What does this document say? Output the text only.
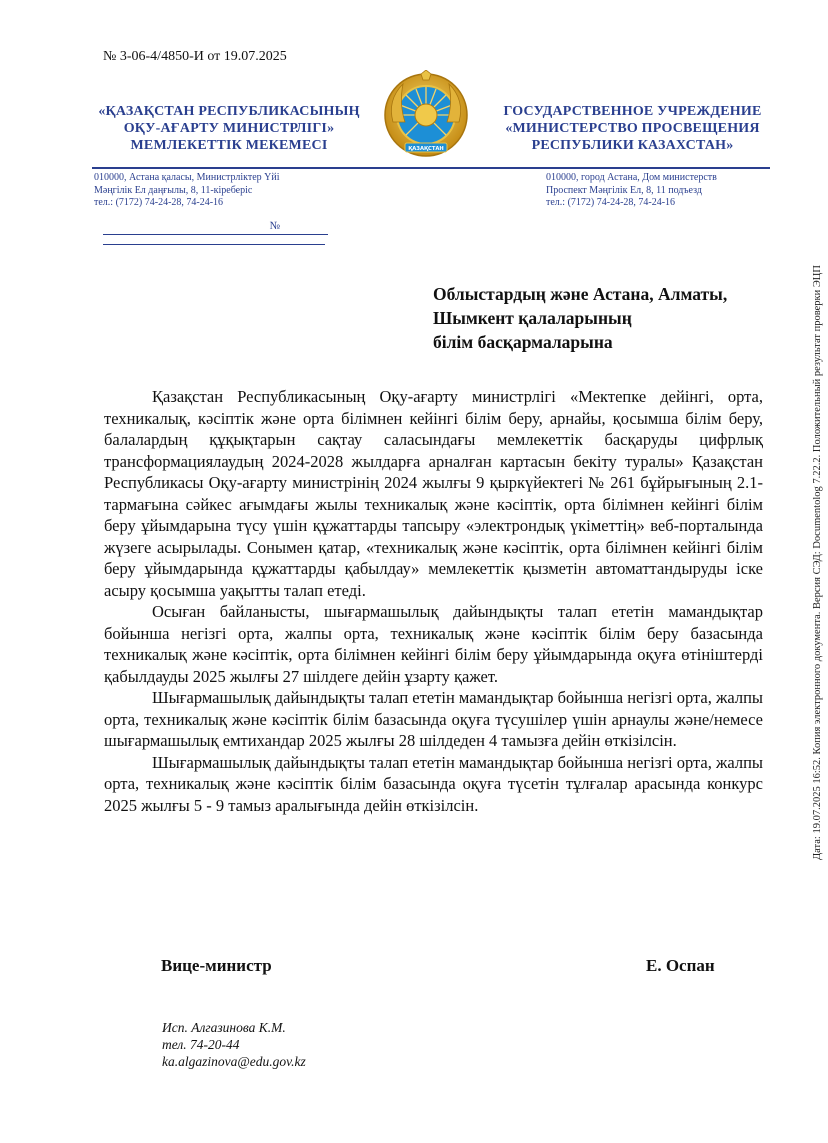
№ 3-06-4/4850-И от 19.07.2025
«ҚАЗАҚСТАН РЕСПУБЛИКАСЫНЫҢ
ОҚУ-АҒАРТУ МИНИСТРЛІГІ»
МЕМЛЕКЕТТІК МЕКЕМЕСІ	ҚАЗАҚСТАН
ГОСУДАРСТВЕННОЕ УЧРЕЖДЕНИЕ
«МИНИСТЕРСТВО ПРОСВЕЩЕНИЯ
РЕСПУБЛИКИ КАЗАХСТАН»
010000, Астана қаласы, Министрліктер Үйі
Мәңгілік Ел даңғылы, 8, 11-кіреберіс
тел.: (7172) 74-24-28, 74-24-16
010000, город Астана, Дом министерств
Проспект Мәңгілік Ел, 8, 11 подъезд
тел.: (7172) 74-24-28, 74-24-16
№
Облыстардың және Астана, Алматы,
Шымкент қалаларының
білім басқармаларына

Қазақстан Республикасының Оқу-ағарту министрлігі «Мектепке дейінгі, орта, техникалық, кәсіптік және орта білімнен кейінгі білім беру, арнайы, қосымша білім беру, балалардың құқықтарын сақтау саласындағы мемлекеттік басқаруды цифрлық трансформациялаудың 2024-2028 жылдарға арналған картасын бекіту туралы» Қазақстан Республикасы Оқу-ағарту министрінің 2024 жылғы 9 қыркүйектегі № 261 бұйрығының 2.1-тармағына сәйкес ағымдағы жылы техникалық және кәсіптік, орта білімнен кейінгі білім беру ұйымдарына түсу үшін құжаттарды тапсыру «электрондық үкіметтің» веб-порталында жүзеге асырылады. Сонымен қатар, «техникалық және кәсіптік, орта білімнен кейінгі білім беру ұйымдарында құжаттарды қабылдау» мемлекеттік қызметін автоматтандыруды іске асыру қосымша уақытты талап етеді.

Осыған байланысты, шығармашылық дайындықты талап ететін мамандықтар бойынша негізгі орта, жалпы орта, техникалық және кәсіптік білім беру базасында техникалық және кәсіптік, орта білімнен кейінгі білім беру ұйымдарында оқуға өтініштерді қабылдауды 2025 жылғы 27 шілдеге дейін ұзарту қажет.

Шығармашылық дайындықты талап ететін мамандықтар бойынша негізгі орта, жалпы орта, техникалық және кәсіптік білім базасында оқуға түсушілер үшін арнаулы және/немесе шығармашылық емтихандар 2025 жылғы 28 шілдеден 4 тамызға дейін өткізілсін.

Шығармашылық дайындықты талап ететін мамандықтар бойынша негізгі орта, жалпы орта, техникалық және кәсіптік білім базасында оқуға түсетін тұлғалар арасында конкурс 2025 жылғы 5 - 9 тамыз аралығында дейін өткізілсін.

Вице-министр	Е. Оспан
Исп. Алгазинова К.М.
тел. 74-20-44
ka.algazinova@edu.gov.kz
Дата: 19.07.2025 16:52. Копия электронного документа. Версия СЭД: Documentolog 7.22.2. Положительный результат проверки ЭЦП
